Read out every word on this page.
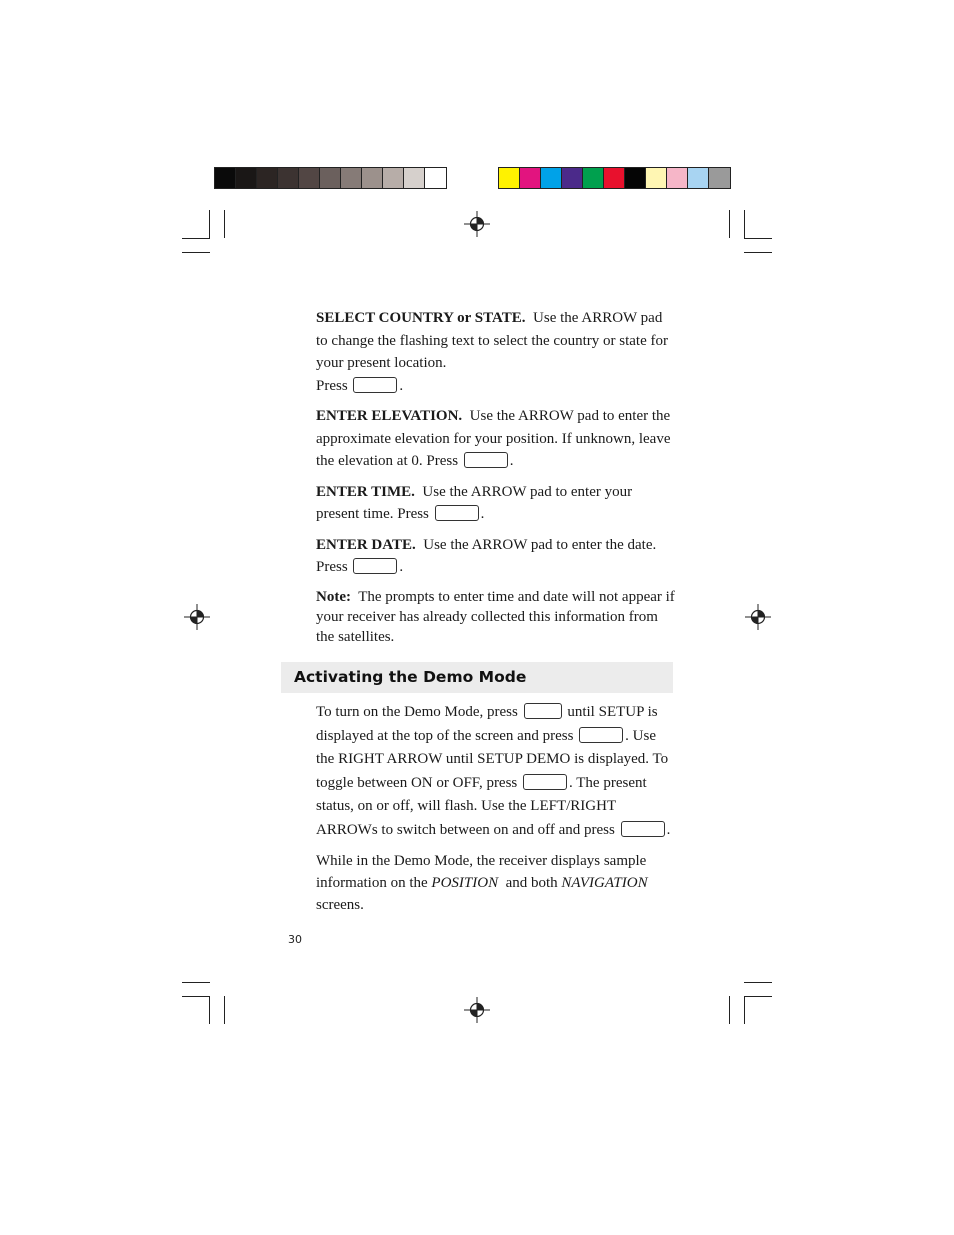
SELECT COUNTRY or STATE. Use the ARROW pad to change the flashing text to select the country or state for your present location.

Press	.

ENTER ELEVATION. Use the ARROW pad to enter the approximate elevation for your position. If unknown, leave the elevation at 0. Press	.

ENTER TIME. Use the ARROW pad to enter your present time. Press	.

ENTER DATE. Use the ARROW pad to enter the date.
Press	.

Note: The prompts to enter time and date will not appear if your receiver has already collected this information from the satellites.

Activating the Demo Mode

To turn on the Demo Mode, press	until SETUP is displayed at the top of the screen and press	. Use the RIGHT ARROW until SETUP DEMO is displayed. To toggle between ON or OFF, press	. The present status, on or off, will flash. Use the LEFT/RIGHT ARROWs to switch between on and off and press	.

While in the Demo Mode, the receiver displays sample information on the POSITION and both NAVIGATION screens.

30
